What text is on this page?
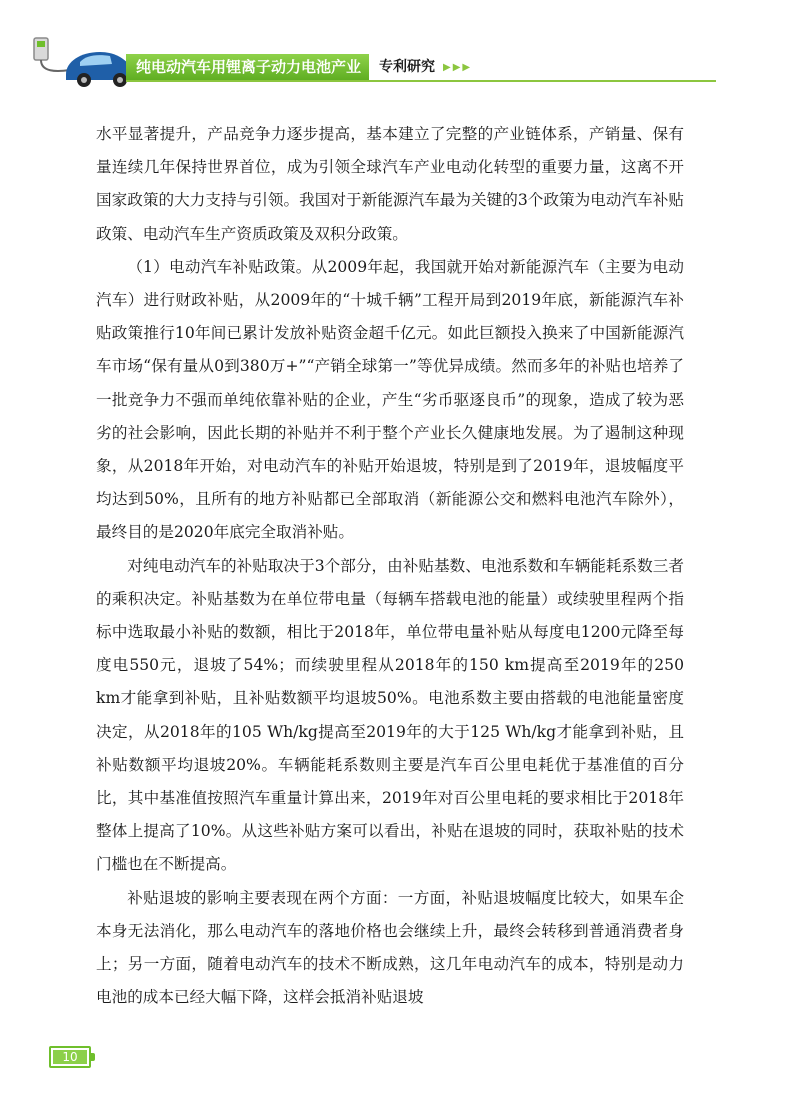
纯电动汽车用锂离子动力电池产业	专利研究 ▶▶▶

水平显著提升，产品竞争力逐步提高，基本建立了完整的产业链体系，产销量、保有量连续几年保持世界首位，成为引领全球汽车产业电动化转型的重要力量，这离不开国家政策的大力支持与引领。我国对于新能源汽车最为关键的3个政策为电动汽车补贴政策、电动汽车生产资质政策及双积分政策。

（1）电动汽车补贴政策。从2009年起，我国就开始对新能源汽车（主要为电动汽车）进行财政补贴，从2009年的“十城千辆”工程开局到2019年底，新能源汽车补贴政策推行10年间已累计发放补贴资金超千亿元。如此巨额投入换来了中国新能源汽车市场“保有量从0到380万+”“产销全球第一”等优异成绩。然而多年的补贴也培养了一批竞争力不强而单纯依靠补贴的企业，产生“劣币驱逐良币”的现象，造成了较为恶劣的社会影响，因此长期的补贴并不利于整个产业长久健康地发展。为了遏制这种现象，从2018年开始，对电动汽车的补贴开始退坡，特别是到了2019年，退坡幅度平均达到50%，且所有的地方补贴都已全部取消（新能源公交和燃料电池汽车除外），最终目的是2020年底完全取消补贴。

对纯电动汽车的补贴取决于3个部分，由补贴基数、电池系数和车辆能耗系数三者的乘积决定。补贴基数为在单位带电量（每辆车搭载电池的能量）或续驶里程两个指标中选取最小补贴的数额，相比于2018年，单位带电量补贴从每度电1200元降至每度电550元，退坡了54%；而续驶里程从2018年的150 km提高至2019年的250 km才能拿到补贴，且补贴数额平均退坡50%。电池系数主要由搭载的电池能量密度决定，从2018年的105 Wh/kg提高至2019年的大于125 Wh/kg才能拿到补贴，且补贴数额平均退坡20%。车辆能耗系数则主要是汽车百公里电耗优于基准值的百分比，其中基准值按照汽车重量计算出来，2019年对百公里电耗的要求相比于2018年整体上提高了10%。从这些补贴方案可以看出，补贴在退坡的同时，获取补贴的技术门槛也在不断提高。

补贴退坡的影响主要表现在两个方面：一方面，补贴退坡幅度比较大，如果车企本身无法消化，那么电动汽车的落地价格也会继续上升，最终会转移到普通消费者身上；另一方面，随着电动汽车的技术不断成熟，这几年电动汽车的成本，特别是动力电池的成本已经大幅下降，这样会抵消补贴退坡

10
